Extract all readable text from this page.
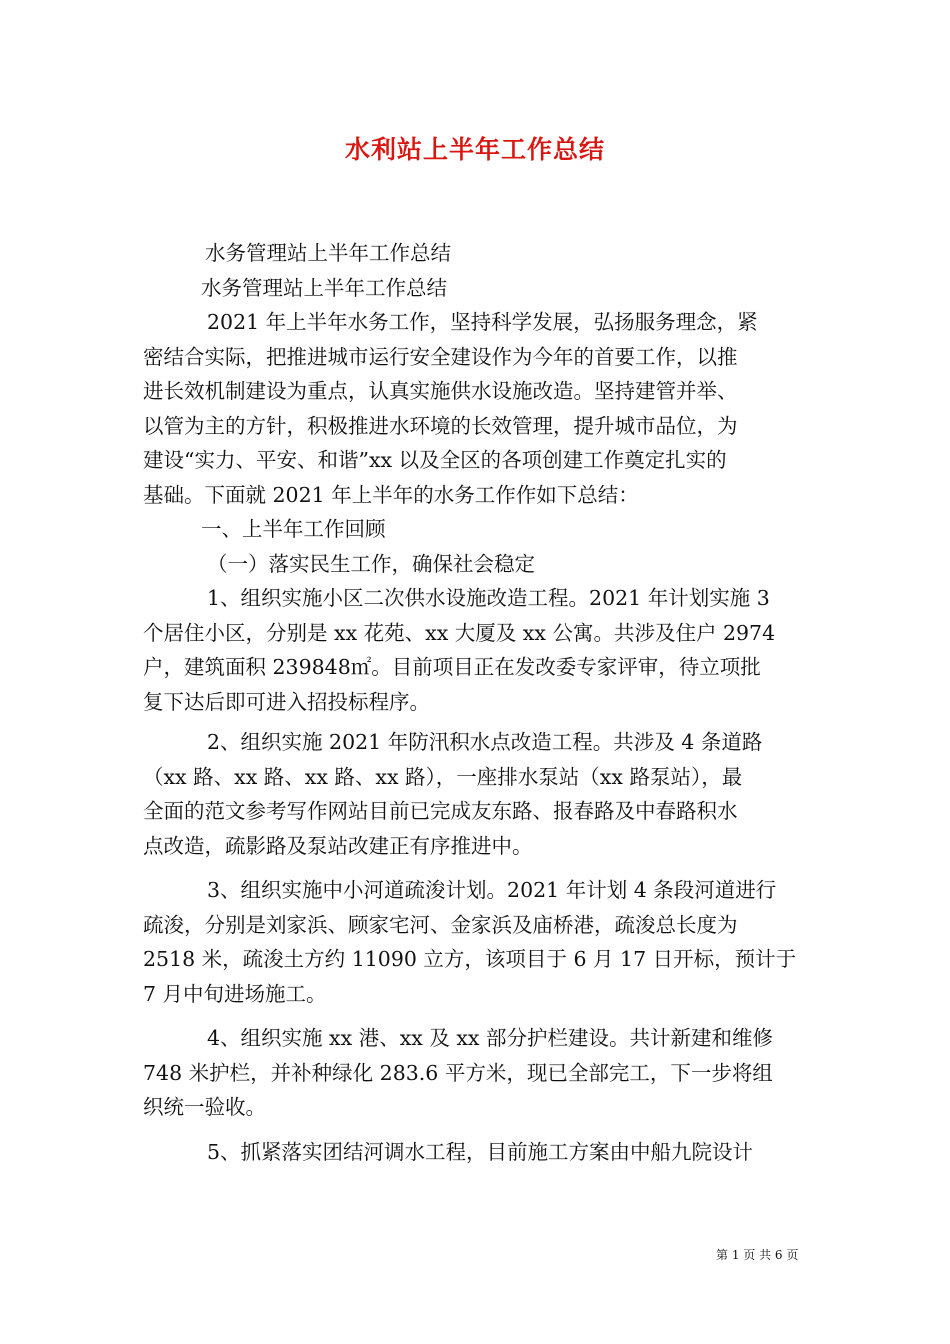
水利站上半年工作总结
水务管理站上半年工作总结
水务管理站上半年工作总结
2021 年上半年水务工作，坚持科学发展，弘扬服务理念，紧
密结合实际，把推进城市运行安全建设作为今年的首要工作，以推
进长效机制建设为重点，认真实施供水设施改造。坚持建管并举、
以管为主的方针，积极推进水环境的长效管理，提升城市品位，为
建设“实力、平安、和谐”xx 以及全区的各项创建工作奠定扎实的
基础。下面就 2021 年上半年的水务工作作如下总结：
一、上半年工作回顾
（一）落实民生工作，确保社会稳定
1、组织实施小区二次供水设施改造工程。2021 年计划实施 3
个居住小区，分别是 xx 花苑、xx 大厦及 xx 公寓。共涉及住户 2974
户，建筑面积 239848㎡。目前项目正在发改委专家评审，待立项批
复下达后即可进入招投标程序。
2、组织实施 2021 年防汛积水点改造工程。共涉及 4 条道路
（xx 路、xx 路、xx 路、xx 路），一座排水泵站（xx 路泵站），最
全面的范文参考写作网站目前已完成友东路、报春路及中春路积水
点改造，疏影路及泵站改建正有序推进中。
3、组织实施中小河道疏浚计划。2021 年计划 4 条段河道进行
疏浚，分别是刘家浜、顾家宅河、金家浜及庙桥港，疏浚总长度为
2518 米，疏浚土方约 11090 立方，该项目于 6 月 17 日开标，预计于
7 月中旬进场施工。
4、组织实施 xx 港、xx 及 xx 部分护栏建设。共计新建和维修
748 米护栏，并补种绿化 283.6 平方米，现已全部完工，下一步将组
织统一验收。
5、抓紧落实团结河调水工程，目前施工方案由中船九院设计
第 1 页 共 6 页
